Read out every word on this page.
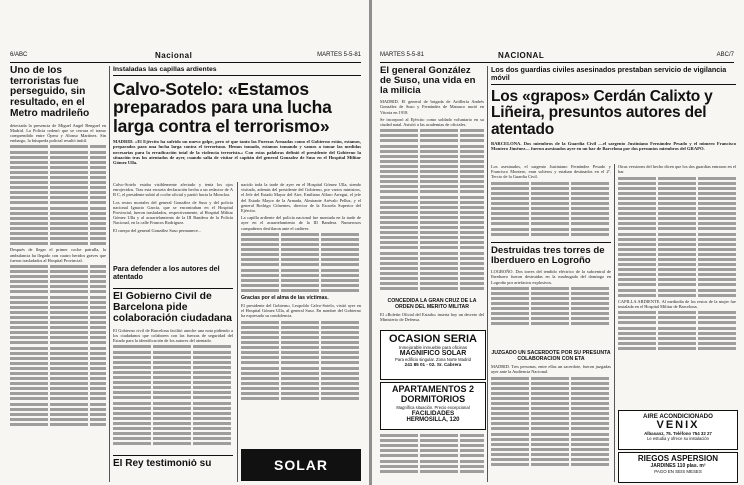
6/ABC	Nacional	MARTES 5-5-81
Uno de los terroristas fue perseguido, sin resultado, en el Metro madrileño
detectada la presencia de Miguel Angel Benguel en Madrid. La Policía ordenó que se cerrara el tramo comprendido entre Ópera y Alonso Martínez. Sin embargo, la búsqueda policial resultó inútil.
Después de llegar el primer coche patrulla, la ambulancia ha llegado con cuatro heridos graves que fueron trasladados al Hospital Provincial.
Instaladas las capillas ardientes
Calvo-Sotelo: «Estamos preparados para una lucha larga contra el terrorismo»
MADRID. «El Ejército ha sufrido un nuevo golpe, pero sé que tanto las Fuerzas Armadas como el Gobierno están, estamos, preparados para una lucha larga contra el terrorismo. Hemos tomado, estamos tomando y vamos a tomar las medidas necesarias para la erradicación total de la violencia terrorista.» Con estas palabras definió el presidente del Gobierno la situación tras los atentados de ayer, cuando salía de visitar el capitán del general Gonzalez de Suso en el Hospital Militar Gómez Ulla.
Calvo-Sotelo estaba visiblemente afectado y tenía los ojos enrojecidos. Tras esta escueta declaración hecha a un redactor de A B C, el presidente subió al coche oficial y partió hacia la Moncloa.
Los restos mortales del general González de Suso y del policía nacional Ignacio García, que se encontraban en el Hospital Provincial, fueron trasladados, respectivamente, al Hospital Militar Gómez Ulla y al acuartelamiento de la III Bandera de la Policía Nacional, en la calle Francos Rodríguez.
El cuerpo del general González Suso permanece...
Para defender a los autores del atentado
El Gobierno Civil de Barcelona pide colaboración ciudadana
El Gobierno civil de Barcelona facilitó anoche una nota pidiendo a los ciudadanos que colaboren con las fuerzas de seguridad del Estado para la identificación de los autores del atentado.
El Rey testimonió su
nacido toda la tarde de ayer en el Hospital Gómez Ulla, siendo visitado, además del presidente del Gobierno, por varios ministros, el Jefe del Estado Mayor del Aire, Emiliano Alfaro Arregui, el jefe del Estado Mayor de la Armada, Almirante Arévalo Pelluz, y el general Rodrigo Cifuentes, director de la Escuela Superior del Ejército.
La capilla ardiente del policía nacional fue montada en la tarde de ayer en el acuartelamiento de la III Bandera. Numerosos compañeros desfilaron ante el cadáver.
Gracias por el alma de las víctimas.
El presidente del Gobierno, Leopoldo Calvo-Sotelo, visitó ayer en el Hospital Gómez Ulla, al general Suso. En nombre del Gobierno ha expresado su condolencia.
SOLAR
MARTES 5-5-81	NACIONAL	ABC/7
El general González de Suso, una vida en la milicia
MADRID. El general de brigada de Artillería Andrés González de Suso y Fernández de Matauco nació en Vitoria en 1918.
Se incorporó al Ejército como soldado voluntario en su ciudad natal. Asistió a las academias de oficiales.
CONCEDIDA LA GRAN CRUZ DE LA ORDEN DEL MERITO MILITAR
El «Boletín Oficial del Estado» inserta hoy un decreto del Ministerio de Defensa.
OCASION SERIA
Inmejorable inmueble para oficinas
MAGNIFICO SOLAR
Para edificio singular. Zona Norte Madrid
241 85 01 - 02. Sr. Cabrera
APARTAMENTOS 2 DORMITORIOS
Magnífica situación. Precio excepcional
FACILIDADES
HERMOSILLA, 120
Los dos guardias civiles asesinados prestaban servicio de vigilancia móvil
Los «grapos» Cerdán Calixto y Liñeira, presuntos autores del atentado
BARCELONA. Dos miembros de la Guardia Civil —el sargento Justiniano Fernández Pesado y el número Francisco Montero Jiménez— fueron asesinados ayer en un bar de Barcelona por dos presuntos miembros del GRAPO.
Los asesinados, el sargento Justiniano Fernández Pesado y Francisco Montero, eran solteros y estaban destinados en el 2º. Tercio de la Guardia Civil.
Destruidas tres torres de Iberduero en Logroño
LOGROÑO. Dos torres del tendido eléctrico de la subcentral de Iberduero fueron destruidas en la madrugada del domingo en Logroño por artefactos explosivos.
JUZGADO UN SACERDOTE POR SU PRESUNTA COLABORACION CON ETA
MADRID. Tres personas, entre ellas un sacerdote, fueron juzgadas ayer ante la Audiencia Nacional.
Otras versiones del hecho dicen que los dos guardias entraron en el bar.
CAPILLA ARDIENTE. Al mediodía de los restos de la mujer fue instalada en el Hospital Militar de Barcelona.
AIRE ACONDICIONADO
VENIX
Albasanz, 75. Teléfono 754 32 27
Le estudia y ofrece su instalación
RIEGOS ASPERSION
JARDINES 110 plas. m²
PAGO EN SEIS MESES
